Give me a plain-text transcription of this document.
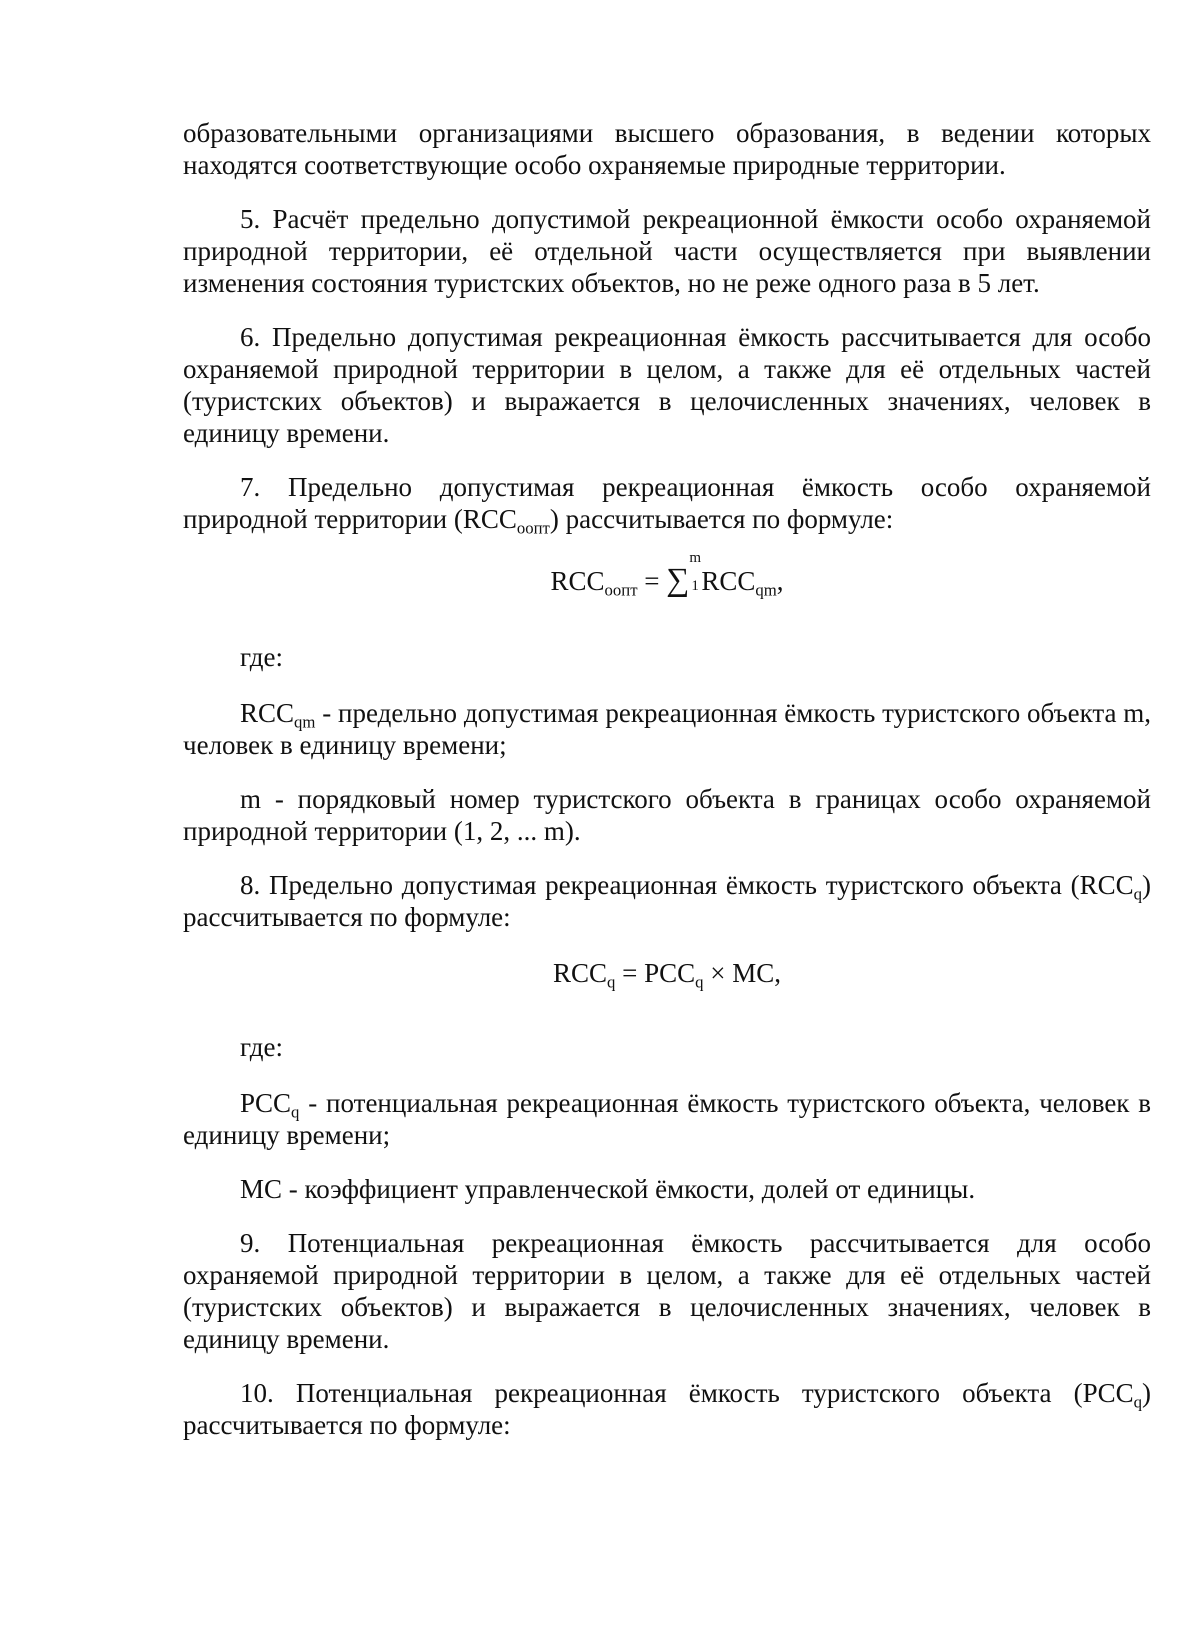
образовательными организациями высшего образования, в ведении которых находятся соответствующие особо охраняемые природные территории.

5. Расчёт предельно допустимой рекреационной ёмкости особо охраняемой природной территории, её отдельной части осуществляется при выявлении изменения состояния туристских объектов, но не реже одного раза в 5 лет.

6. Предельно допустимая рекреационная ёмкость рассчитывается для особо охраняемой природной территории в целом, а также для её отдельных частей (туристских объектов) и выражается в целочисленных значениях, человек в единицу времени.

7. Предельно допустимая рекреационная ёмкость особо охраняемой природной территории $(RCC_{оопт})$ рассчитывается по формуле:

$RCC_{оопт}$ = ∑
m
1 $RCC_{qm}$,

где:

$RCC_{qm}$ - предельно допустимая рекреационная ёмкость туристского объекта m, человек в единицу времени;

m - порядковый номер туристского объекта в границах особо охраняемой природной территории (1, 2, ... m).

8. Предельно допустимая рекреационная ёмкость туристского объекта $(RCC_q)$ рассчитывается по формуле:

$RCC_q = PCC_q$ × MC,

где:

$PCC_q$ - потенциальная рекреационная ёмкость туристского объекта, человек в единицу времени;

MC - коэффициент управленческой ёмкости, долей от единицы.

9. Потенциальная рекреационная ёмкость рассчитывается для особо охраняемой природной территории в целом, а также для её отдельных частей (туристских объектов) и выражается в целочисленных значениях, человек в единицу времени.

10. Потенциальная рекреационная ёмкость туристского объекта $(PCC_q)$ рассчитывается по формуле:
